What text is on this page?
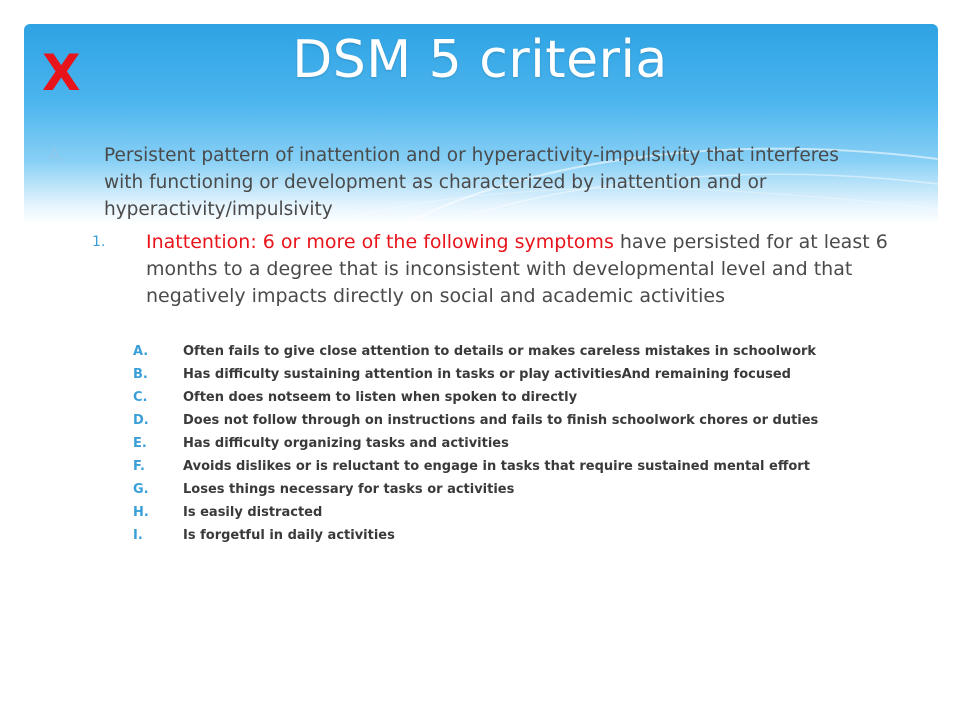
DSM 5 criteria
X
A. Persistent pattern of inattention and or hyperactivity-impulsivity that interferes with functioning or development as characterized by inattention and or hyperactivity/impulsivity
1. Inattention: 6 or more of the following symptoms have persisted for at least 6 months to a degree that is inconsistent with developmental level and that negatively impacts directly on social and academic activities
A.	Often fails to give close attention to details or makes careless mistakes in schoolwork
B.	Has difficulty sustaining attention in tasks or play activitiesAnd remaining focused
C.	Often does notseem to listen when spoken to directly
D.	Does not follow through on instructions and fails to finish schoolwork chores or duties
E.	Has difficulty organizing tasks and activities
F.	Avoids dislikes or is reluctant to engage in tasks that require sustained mental effort
G.	Loses things necessary for tasks or activities
H.	Is easily distracted
I.	Is forgetful in daily activities
